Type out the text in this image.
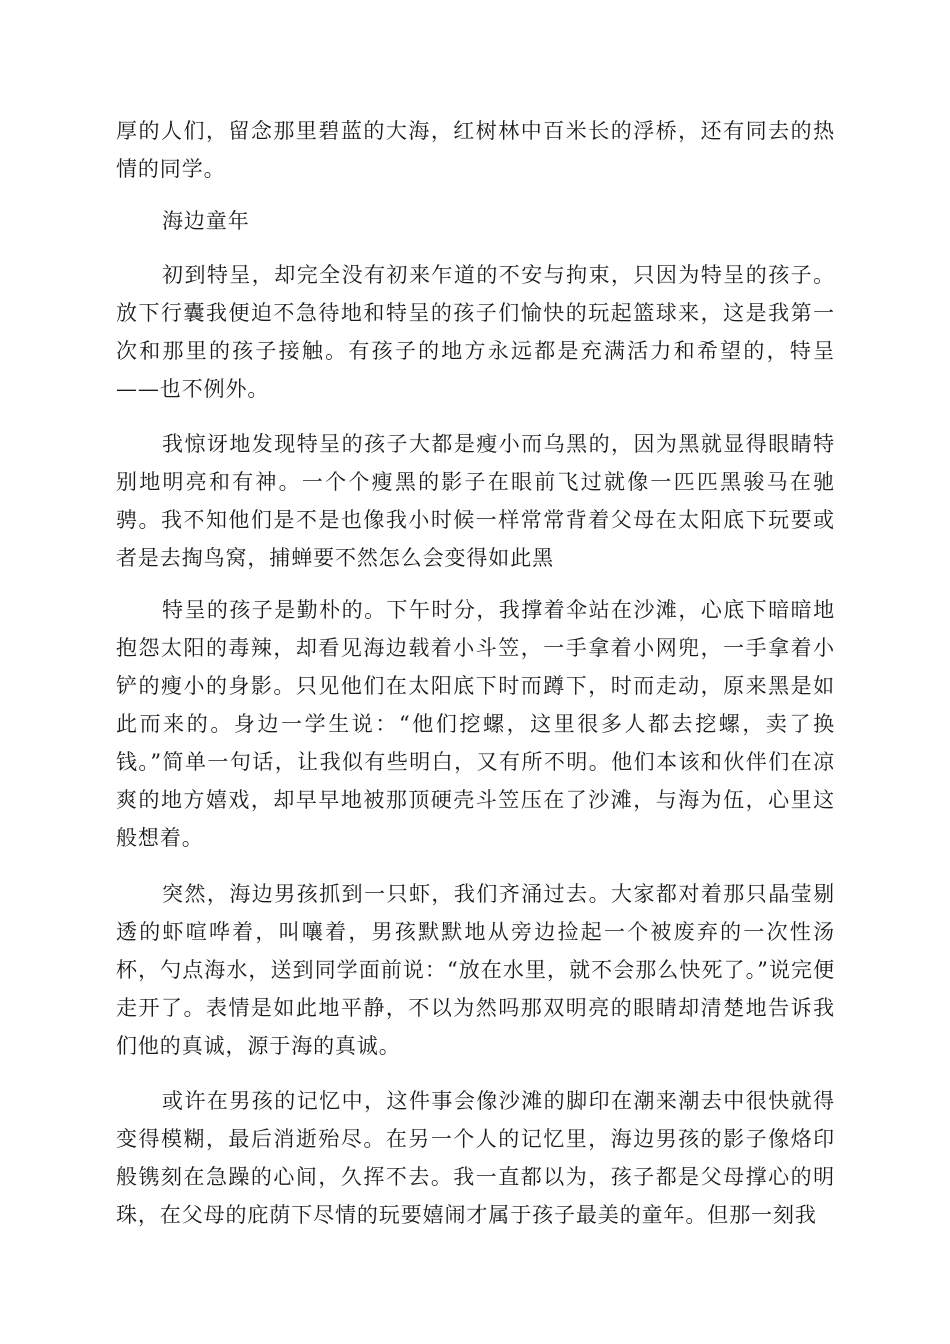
厚的人们，留念那里碧蓝的大海，红树林中百米长的浮桥，还有同去的热情的同学。

海边童年

初到特呈，却完全没有初来乍道的不安与拘束，只因为特呈的孩子。放下行囊我便迫不急待地和特呈的孩子们愉快的玩起篮球来，这是我第一次和那里的孩子接触。有孩子的地方永远都是充满活力和希望的，特呈——也不例外。

我惊讶地发现特呈的孩子大都是瘦小而乌黑的，因为黑就显得眼睛特别地明亮和有神。一个个瘦黑的影子在眼前飞过就像一匹匹黑骏马在驰骋。我不知他们是不是也像我小时候一样常常背着父母在太阳底下玩要或者是去掏鸟窝，捕蝉要不然怎么会变得如此黑

特呈的孩子是勤朴的。下午时分，我撑着伞站在沙滩，心底下暗暗地抱怨太阳的毒辣，却看见海边载着小斗笠，一手拿着小网兜，一手拿着小铲的瘦小的身影。只见他们在太阳底下时而蹲下，时而走动，原来黑是如此而来的。身边一学生说：“他们挖螺，这里很多人都去挖螺，卖了换钱。”简单一句话，让我似有些明白，又有所不明。他们本该和伙伴们在凉爽的地方嬉戏，却早早地被那顶硬壳斗笠压在了沙滩，与海为伍，心里这般想着。

突然，海边男孩抓到一只虾，我们齐涌过去。大家都对着那只晶莹剔透的虾喧哗着，叫嚷着，男孩默默地从旁边捡起一个被废弃的一次性汤杯，勺点海水，送到同学面前说：“放在水里，就不会那么快死了。”说完便走开了。表情是如此地平静，不以为然吗那双明亮的眼睛却清楚地告诉我们他的真诚，源于海的真诚。

或许在男孩的记忆中，这件事会像沙滩的脚印在潮来潮去中很快就得变得模糊，最后消逝殆尽。在另一个人的记忆里，海边男孩的影子像烙印般镌刻在急躁的心间，久挥不去。我一直都以为，孩子都是父母撑心的明珠，在父母的庇荫下尽情的玩要嬉闹才属于孩子最美的童年。但那一刻我
